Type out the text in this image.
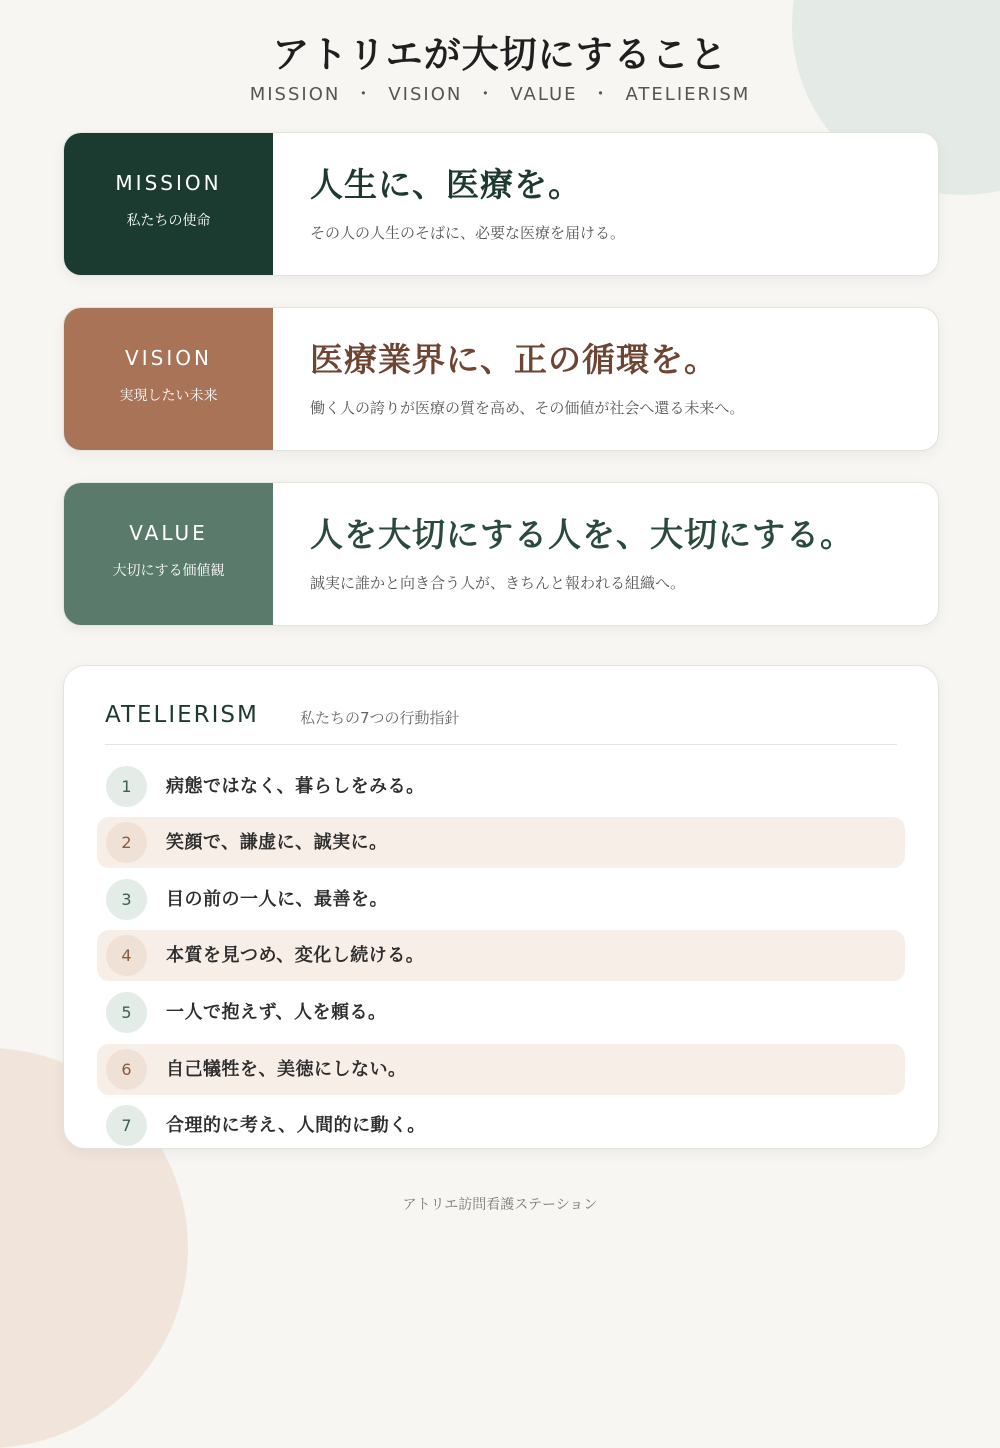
アトリエが大切にすること
MISSION ・ VISION ・ VALUE ・ ATELIERISM
MISSION
私たちの使命
人生に、医療を。
その人の人生のそばに、必要な医療を届ける。
VISION
実現したい未来
医療業界に、正の循環を。
働く人の誇りが医療の質を高め、その価値が社会へ還る未来へ。
VALUE
大切にする価値観
人を大切にする人を、大切にする。
誠実に誰かと向き合う人が、きちんと報われる組織へ。
ATELIERISM	私たちの7つの行動指針
1	病態ではなく、暮らしをみる。
2	笑顔で、謙虚に、誠実に。
3	目の前の一人に、最善を。
4	本質を見つめ、変化し続ける。
5	一人で抱えず、人を頼る。
6	自己犠牲を、美徳にしない。
7	合理的に考え、人間的に動く。
アトリエ訪問看護ステーション
